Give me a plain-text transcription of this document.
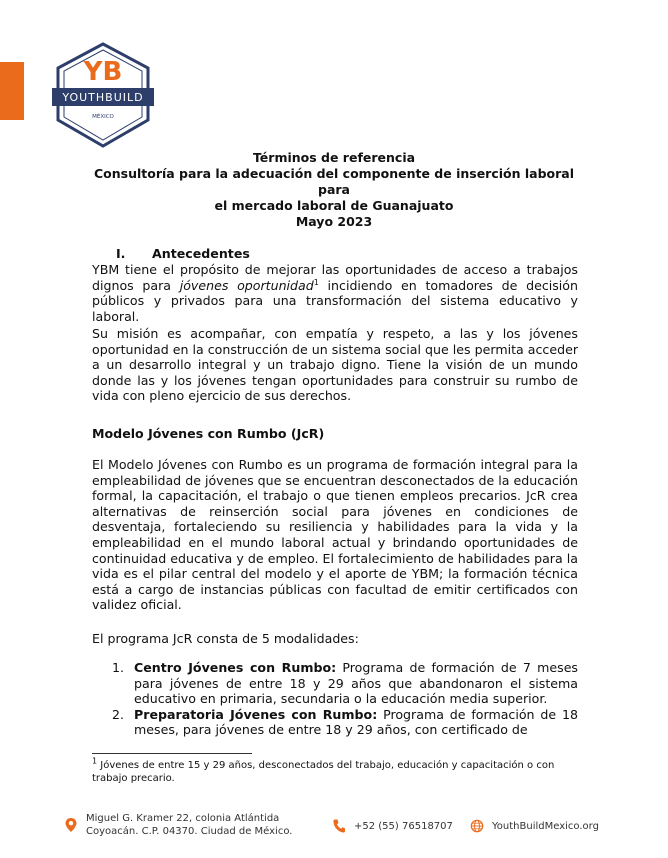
YB
YOUTHBUILD
MÉXICO
Términos de referencia
Consultoría para la adecuación del componente de inserción laboral para
el mercado laboral de Guanajuato
Mayo 2023
I. Antecedentes
YBM tiene el propósito de mejorar las oportunidades de acceso a trabajos dignos para jóvenes oportunidad$^1$ incidiendo en tomadores de decisión públicos y privados para una transformación del sistema educativo y laboral.
Su misión es acompañar, con empatía y respeto, a las y los jóvenes oportunidad en la construcción de un sistema social que les permita acceder a un desarrollo integral y un trabajo digno. Tiene la visión de un mundo donde las y los jóvenes tengan oportunidades para construir su rumbo de vida con pleno ejercicio de sus derechos.
Modelo Jóvenes con Rumbo (JcR)
El Modelo Jóvenes con Rumbo es un programa de formación integral para la empleabilidad de jóvenes que se encuentran desconectados de la educación formal, la capacitación, el trabajo o que tienen empleos precarios. JcR crea alternativas de reinserción social para jóvenes en condiciones de desventaja, fortaleciendo su resiliencia y habilidades para la vida y la empleabilidad en el mundo laboral actual y brindando oportunidades de continuidad educativa y de empleo. El fortalecimiento de habilidades para la vida es el pilar central del modelo y el aporte de YBM; la formación técnica está a cargo de instancias públicas con facultad de emitir certificados con validez oficial.
El programa JcR consta de 5 modalidades:
1. Centro Jóvenes con Rumbo: Programa de formación de 7 meses para jóvenes de entre 18 y 29 años que abandonaron el sistema educativo en primaria, secundaria o la educación media superior.
2. Preparatoria Jóvenes con Rumbo: Programa de formación de 18 meses, para jóvenes de entre 18 y 29 años, con certificado de
$^1$ Jóvenes de entre 15 y 29 años, desconectados del trabajo, educación y capacitación o con trabajo precario.
Miguel G. Kramer 22, colonia Atlántida
Coyoacán. C.P. 04370. Ciudad de México.	+52 (55) 76518707	YouthBuildMexico.org
